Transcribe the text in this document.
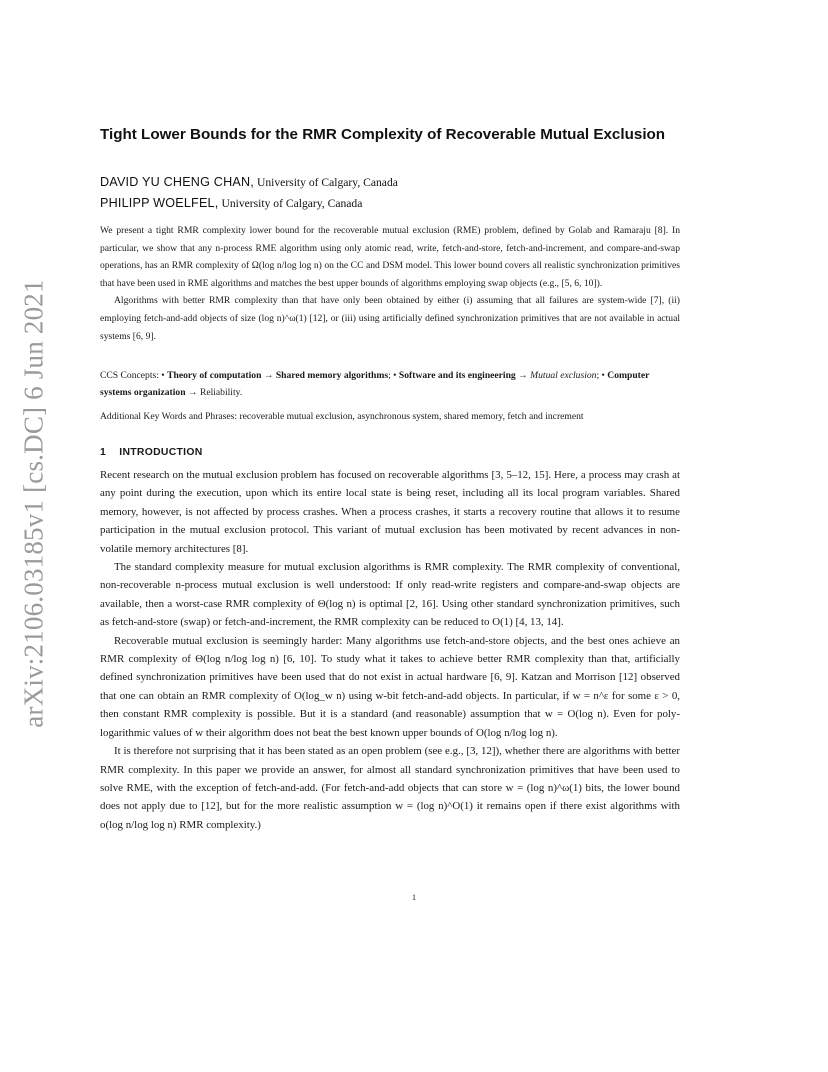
arXiv:2106.03185v1 [cs.DC] 6 Jun 2021
Tight Lower Bounds for the RMR Complexity of Recoverable Mutual Exclusion
DAVID YU CHENG CHAN, University of Calgary, Canada
PHILIPP WOELFEL, University of Calgary, Canada

We present a tight RMR complexity lower bound for the recoverable mutual exclusion (RME) problem, defined by Golab and Ramaraju [8]. In particular, we show that any n-process RME algorithm using only atomic read, write, fetch-and-store, fetch-and-increment, and compare-and-swap operations, has an RMR complexity of Ω(log n/log log n) on the CC and DSM model. This lower bound covers all realistic synchronization primitives that have been used in RME algorithms and matches the best upper bounds of algorithms employing swap objects (e.g., [5, 6, 10]).

Algorithms with better RMR complexity than that have only been obtained by either (i) assuming that all failures are system-wide [7], (ii) employing fetch-and-add objects of size (log n)^ω(1) [12], or (iii) using artificially defined synchronization primitives that are not available in actual systems [6, 9].

CCS Concepts: • Theory of computation → Shared memory algorithms; • Software and its engineering → Mutual exclusion; • Computer systems organization → Reliability.
Additional Key Words and Phrases: recoverable mutual exclusion, asynchronous system, shared memory, fetch and increment
1 INTRODUCTION

Recent research on the mutual exclusion problem has focused on recoverable algorithms [3, 5–12, 15]. Here, a process may crash at any point during the execution, upon which its entire local state is being reset, including all its local program variables. Shared memory, however, is not affected by process crashes. When a process crashes, it starts a recovery routine that allows it to resume participation in the mutual exclusion protocol. This variant of mutual exclusion has been motivated by recent advances in non-volatile memory architectures [8].

The standard complexity measure for mutual exclusion algorithms is RMR complexity. The RMR complexity of conventional, non-recoverable n-process mutual exclusion is well understood: If only read-write registers and compare-and-swap objects are available, then a worst-case RMR complexity of Θ(log n) is optimal [2, 16]. Using other standard synchronization primitives, such as fetch-and-store (swap) or fetch-and-increment, the RMR complexity can be reduced to O(1) [4, 13, 14].

Recoverable mutual exclusion is seemingly harder: Many algorithms use fetch-and-store objects, and the best ones achieve an RMR complexity of Θ(log n/log log n) [6, 10]. To study what it takes to achieve better RMR complexity than that, artificially defined synchronization primitives have been used that do not exist in actual hardware [6, 9]. Katzan and Morrison [12] observed that one can obtain an RMR complexity of O(log_w n) using w-bit fetch-and-add objects. In particular, if w = n^ε for some ε > 0, then constant RMR complexity is possible. But it is a standard (and reasonable) assumption that w = O(log n). Even for poly-logarithmic values of w their algorithm does not beat the best known upper bounds of O(log n/log log n).

It is therefore not surprising that it has been stated as an open problem (see e.g., [3, 12]), whether there are algorithms with better RMR complexity. In this paper we provide an answer, for almost all standard synchronization primitives that have been used to solve RME, with the exception of fetch-and-add. (For fetch-and-add objects that can store w = (log n)^ω(1) bits, the lower bound does not apply due to [12], but for the more realistic assumption w = (log n)^O(1) it remains open if there exist algorithms with o(log n/log log n) RMR complexity.)

1
